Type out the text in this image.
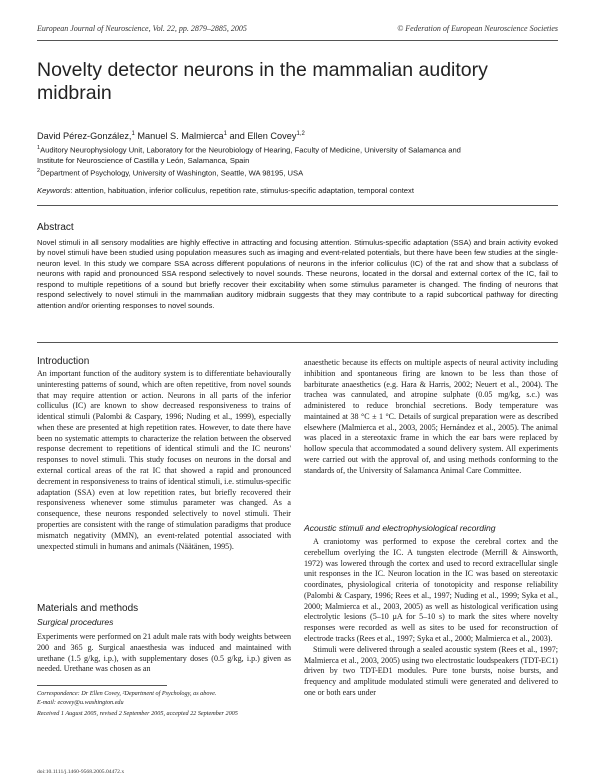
European Journal of Neuroscience, Vol. 22, pp. 2879–2885, 2005	© Federation of European Neuroscience Societies
Novelty detector neurons in the mammalian auditory
midbrain
David Pérez-González,$^1$ Manuel S. Malmierca$^1$ and Ellen Covey$^{1,2}$
$^1$Auditory Neurophysiology Unit, Laboratory for the Neurobiology of Hearing, Faculty of Medicine, University of Salamanca and
Institute for Neuroscience of Castilla y León, Salamanca, Spain
$^2$Department of Psychology, University of Washington, Seattle, WA 98195, USA
Keywords: attention, habituation, inferior colliculus, repetition rate, stimulus-specific adaptation, temporal context
Abstract
Novel stimuli in all sensory modalities are highly effective in attracting and focusing attention. Stimulus-specific adaptation (SSA) and brain activity evoked by novel stimuli have been studied using population measures such as imaging and event-related potentials, but there have been few studies at the single-neuron level. In this study we compare SSA across different populations of neurons in the inferior colliculus (IC) of the rat and show that a subclass of neurons with rapid and pronounced SSA respond selectively to novel sounds. These neurons, located in the dorsal and external cortex of the IC, fail to respond to multiple repetitions of a sound but briefly recover their excitability when some stimulus parameter is changed. The finding of neurons that respond selectively to novel stimuli in the mammalian auditory midbrain suggests that they may contribute to a rapid subcortical pathway for directing attention and/or orienting responses to novel sounds.
Introduction

An important function of the auditory system is to differentiate behaviourally uninteresting patterns of sound, which are often repetitive, from novel sounds that may require attention or action. Neurons in all parts of the inferior colliculus (IC) are known to show decreased responsiveness to trains of identical stimuli (Palombi & Caspary, 1996; Nuding et al., 1999), especially when these are presented at high repetition rates. However, to date there have been no systematic attempts to characterize the relation between the observed response decrement to repetitions of identical stimuli and the IC neurons' responses to novel stimuli. This study focuses on neurons in the dorsal and external cortical areas of the rat IC that showed a rapid and pronounced decrement in responsiveness to trains of identical stimuli, i.e. stimulus-specific adaptation (SSA) even at low repetition rates, but briefly recovered their responsiveness whenever some stimulus parameter was changed. As a consequence, these neurons responded selectively to novel stimuli. Their properties are consistent with the range of stimulation paradigms that produce mismatch negativity (MMN), an event-related potential associated with unexpected stimuli in humans and animals (Näätänen, 1995).

Materials and methods
Surgical procedures

Experiments were performed on 21 adult male rats with body weights between 200 and 365 g. Surgical anaesthesia was induced and maintained with urethane (1.5 g/kg, i.p.), with supplementary doses (0.5 g/kg, i.p.) given as needed. Urethane was chosen as an

Correspondence: Dr Ellen Covey, ²Department of Psychology, as above.
E-mail: ecovey@u.washington.edu
Received 1 August 2005, revised 2 September 2005, accepted 22 September 2005

anaesthetic because its effects on multiple aspects of neural activity including inhibition and spontaneous firing are known to be less than those of barbiturate anaesthetics (e.g. Hara & Harris, 2002; Neuert et al., 2004). The trachea was cannulated, and atropine sulphate (0.05 mg/kg, s.c.) was administered to reduce bronchial secretions. Body temperature was maintained at 38 °C ± 1 °C. Details of surgical preparation were as described elsewhere (Malmierca et al., 2003, 2005; Hernández et al., 2005). The animal was placed in a stereotaxic frame in which the ear bars were replaced by hollow specula that accommodated a sound delivery system. All experiments were carried out with the approval of, and using methods conforming to the standards of, the University of Salamanca Animal Care Committee.

Acoustic stimuli and electrophysiological recording

A craniotomy was performed to expose the cerebral cortex and the cerebellum overlying the IC. A tungsten electrode (Merrill & Ainsworth, 1972) was lowered through the cortex and used to record extracellular single unit responses in the IC. Neuron location in the IC was based on stereotaxic coordinates, physiological criteria of tonotopicity and response reliability (Palombi & Caspary, 1996; Rees et al., 1997; Nuding et al., 1999; Syka et al., 2000; Malmierca et al., 2003, 2005) as well as histological verification using electrolytic lesions (5–10 μA for 5–10 s) to mark the sites where novelty responses were recorded as well as sites to be used for reconstruction of electrode tracks (Rees et al., 1997; Syka et al., 2000; Malmierca et al., 2003).

Stimuli were delivered through a sealed acoustic system (Rees et al., 1997; Malmierca et al., 2003, 2005) using two electrostatic loudspeakers (TDT-EC1) driven by two TDT-ED1 modules. Pure tone bursts, noise bursts, and frequency and amplitude modulated stimuli were generated and delivered to one or both ears under

doi:10.1111/j.1460-9568.2005.04472.x
